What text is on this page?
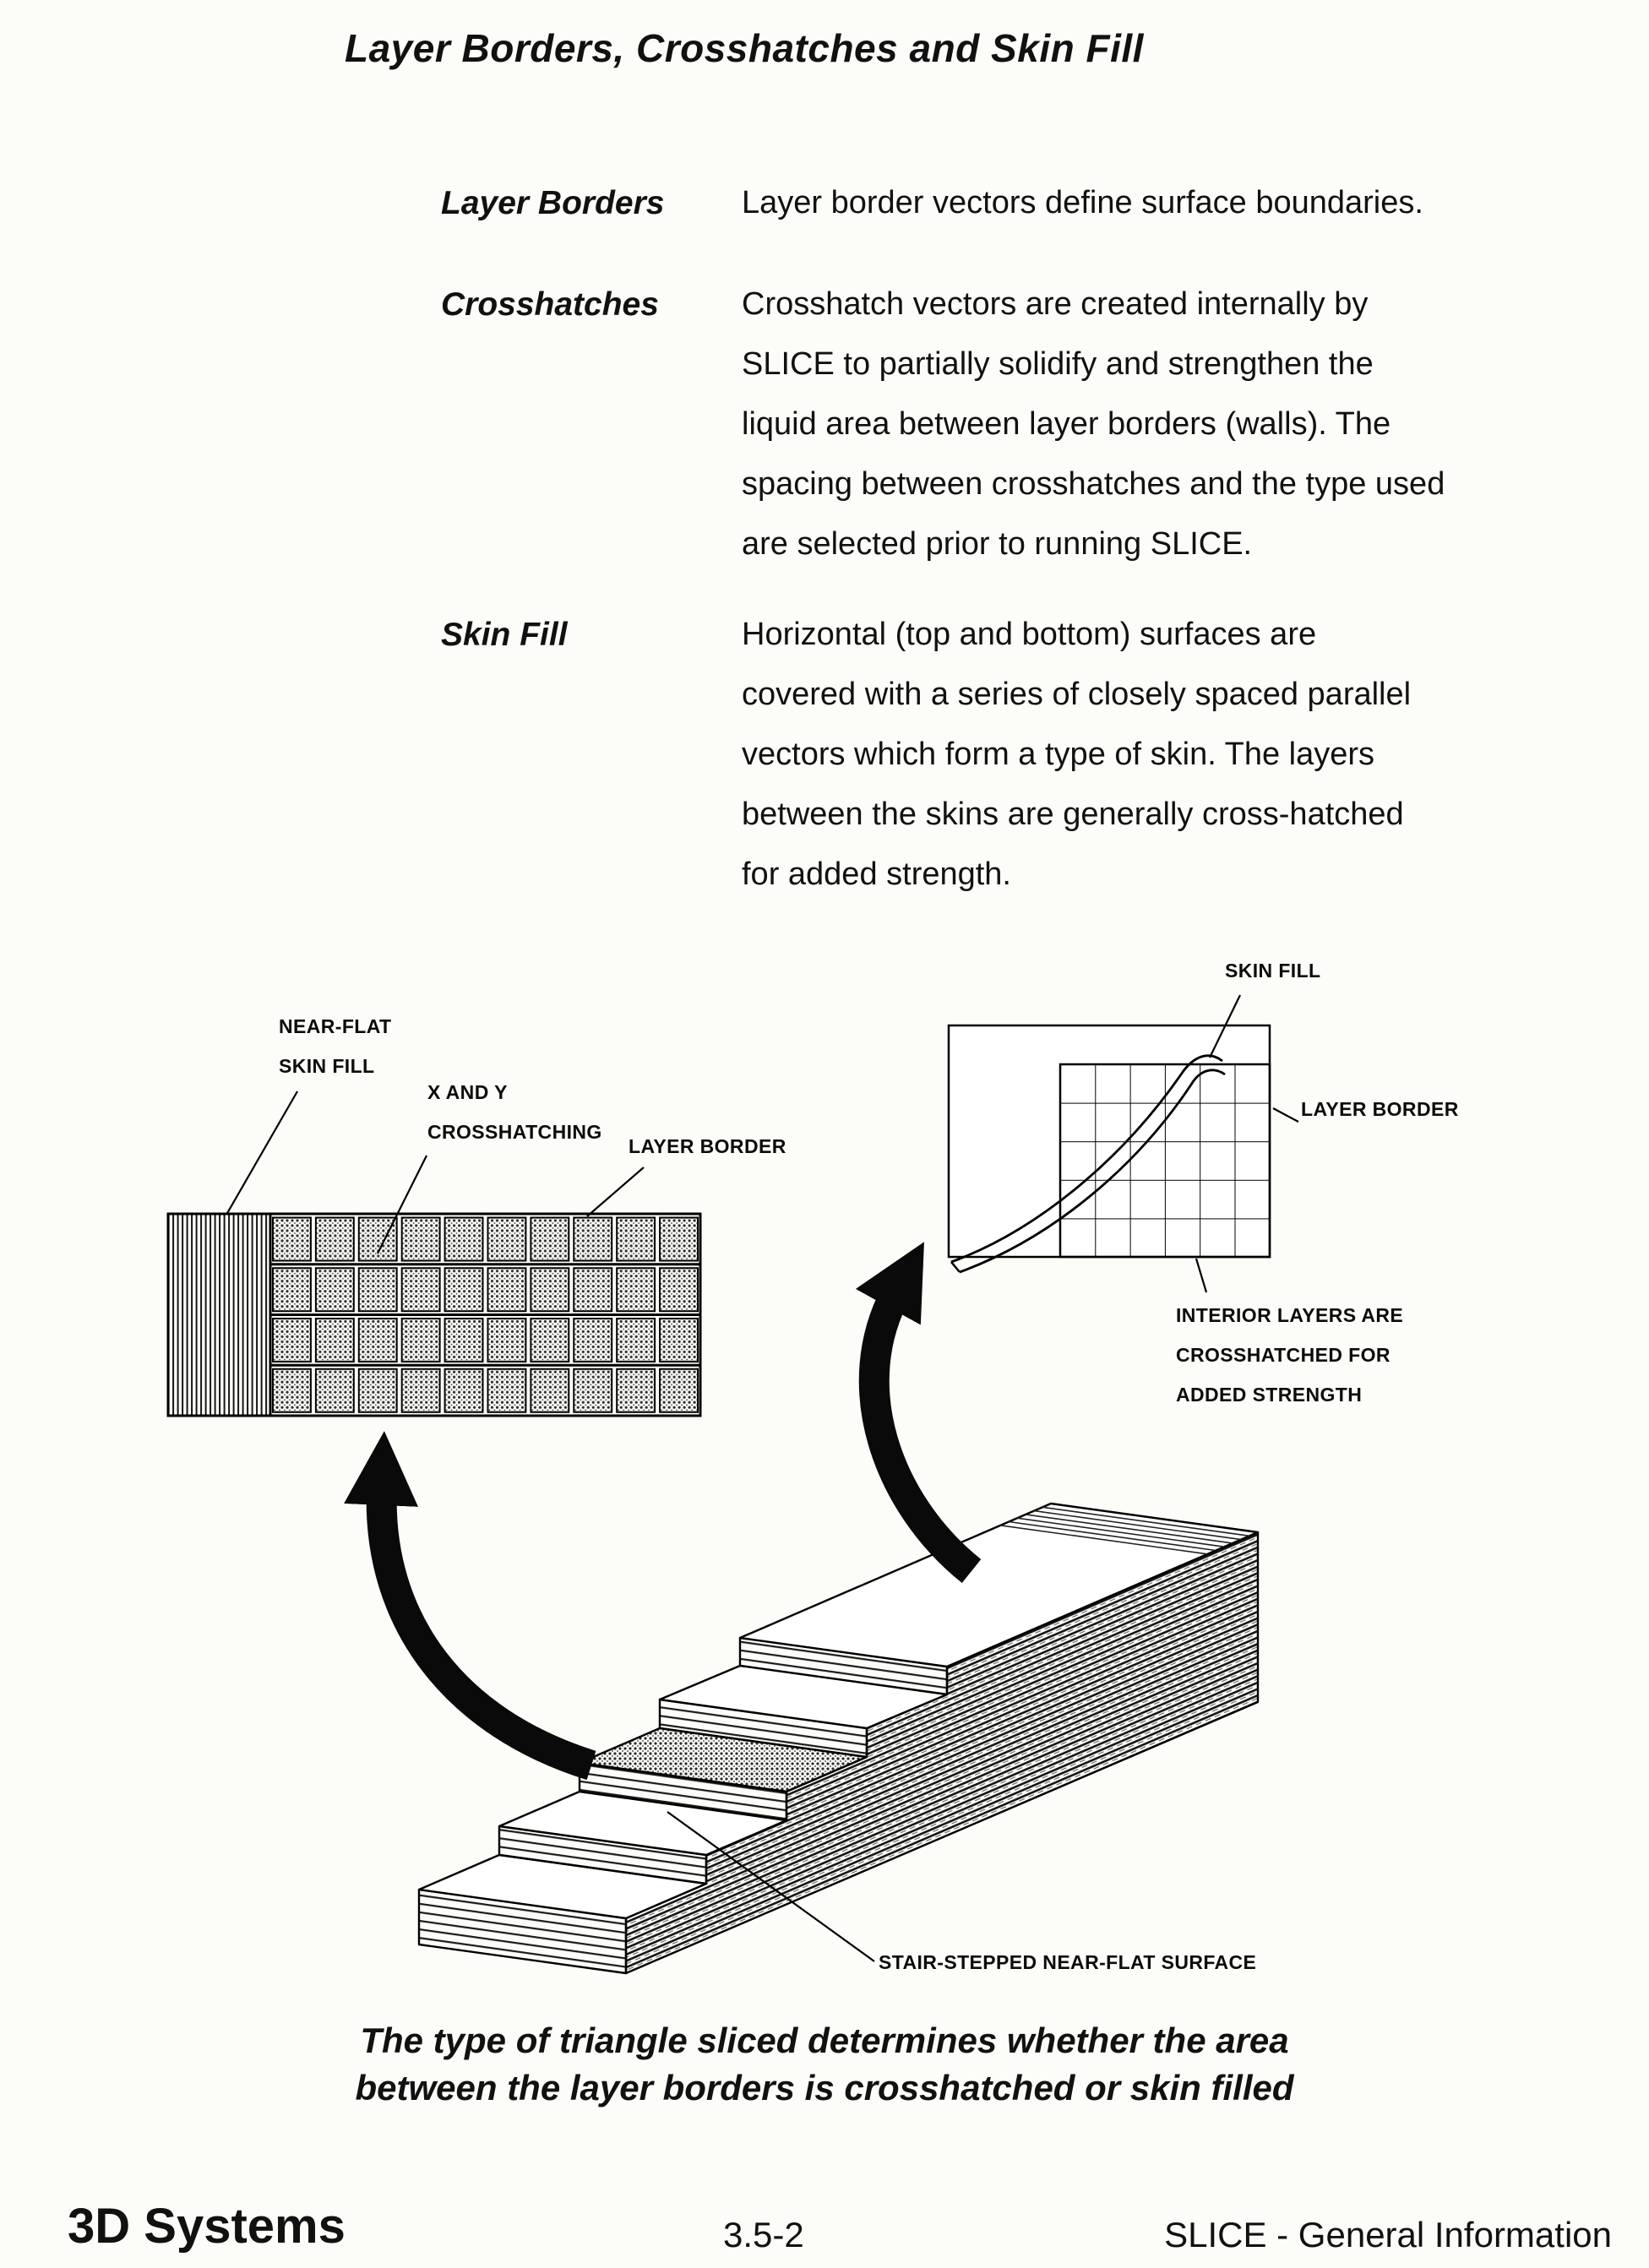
Layer Borders, Crosshatches and Skin Fill
Layer Borders	Layer border vectors define surface boundaries.
Crosshatches	Crosshatch vectors are created internally by
SLICE to partially solidify and strengthen the
liquid area between layer borders (walls). The
spacing between crosshatches and the type used
are selected prior to running SLICE.
Skin Fill	Horizontal (top and bottom) surfaces are
covered with a series of closely spaced parallel
vectors which form a type of skin. The layers
between the skins are generally cross-hatched
for added strength.
NEAR-FLAT
SKIN FILL
X AND Y
CROSSHATCHING
LAYER BORDER
SKIN FILL
LAYER BORDER
INTERIOR LAYERS ARE
CROSSHATCHED FOR
ADDED STRENGTH
STAIR-STEPPED NEAR-FLAT SURFACE
The type of triangle sliced determines whether the area
between the layer borders is crosshatched or skin filled
3D Systems	3.5-2	SLICE - General Information
